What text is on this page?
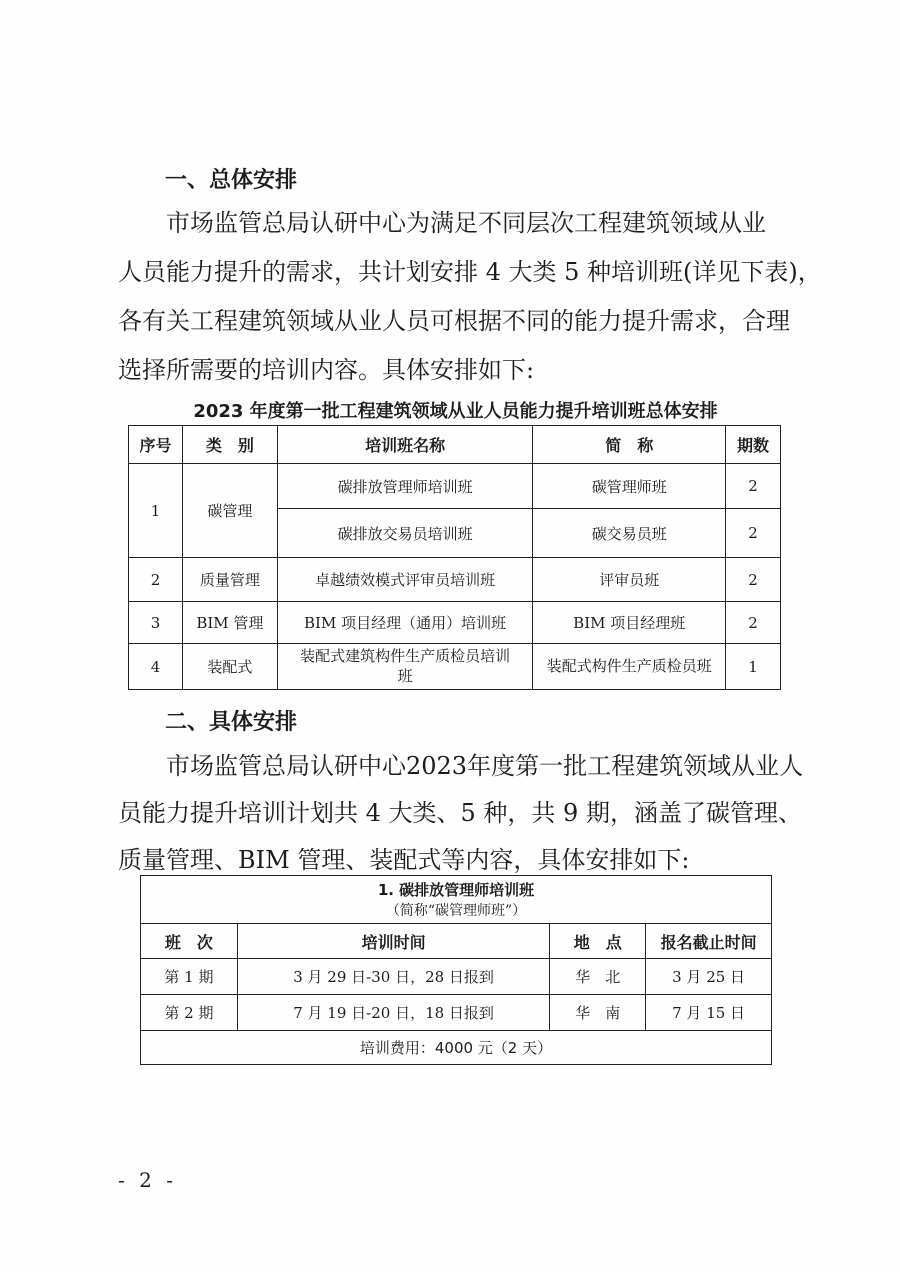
一、总体安排
市场监管总局认研中心为满足不同层次工程建筑领域从业
人员能力提升的需求，共计划安排 4 大类 5 种培训班(详见下表)，
各有关工程建筑领域从业人员可根据不同的能力提升需求，合理
选择所需要的培训内容。具体安排如下:
2023 年度第一批工程建筑领域从业人员能力提升培训班总体安排
序号	类　别	培训班名称	简　称	期数
1	碳管理	碳排放管理师培训班	碳管理师班	2
		碳排放交易员培训班	碳交易员班	2
2	质量管理	卓越绩效模式评审员培训班	评审员班	2
3	BIM 管理	BIM 项目经理（通用）培训班	BIM 项目经理班	2
4	装配式	装配式建筑构件生产质检员培训班	装配式构件生产质检员班	1
二、具体安排
市场监管总局认研中心2023年度第一批工程建筑领域从业人
员能力提升培训计划共 4 大类、5 种，共 9 期，涵盖了碳管理、
质量管理、BIM 管理、装配式等内容，具体安排如下:
1. 碳排放管理师培训班
（简称“碳管理师班”）			

班　次	培训时间	地　点	报名截止时间
第 1 期	3 月 29 日-30 日，28 日报到	华　北	3 月 25 日
第 2 期	7 月 19 日-20 日，18 日报到	华　南	7 月 15 日
培训费用：4000 元（2 天）			
- 2 -
